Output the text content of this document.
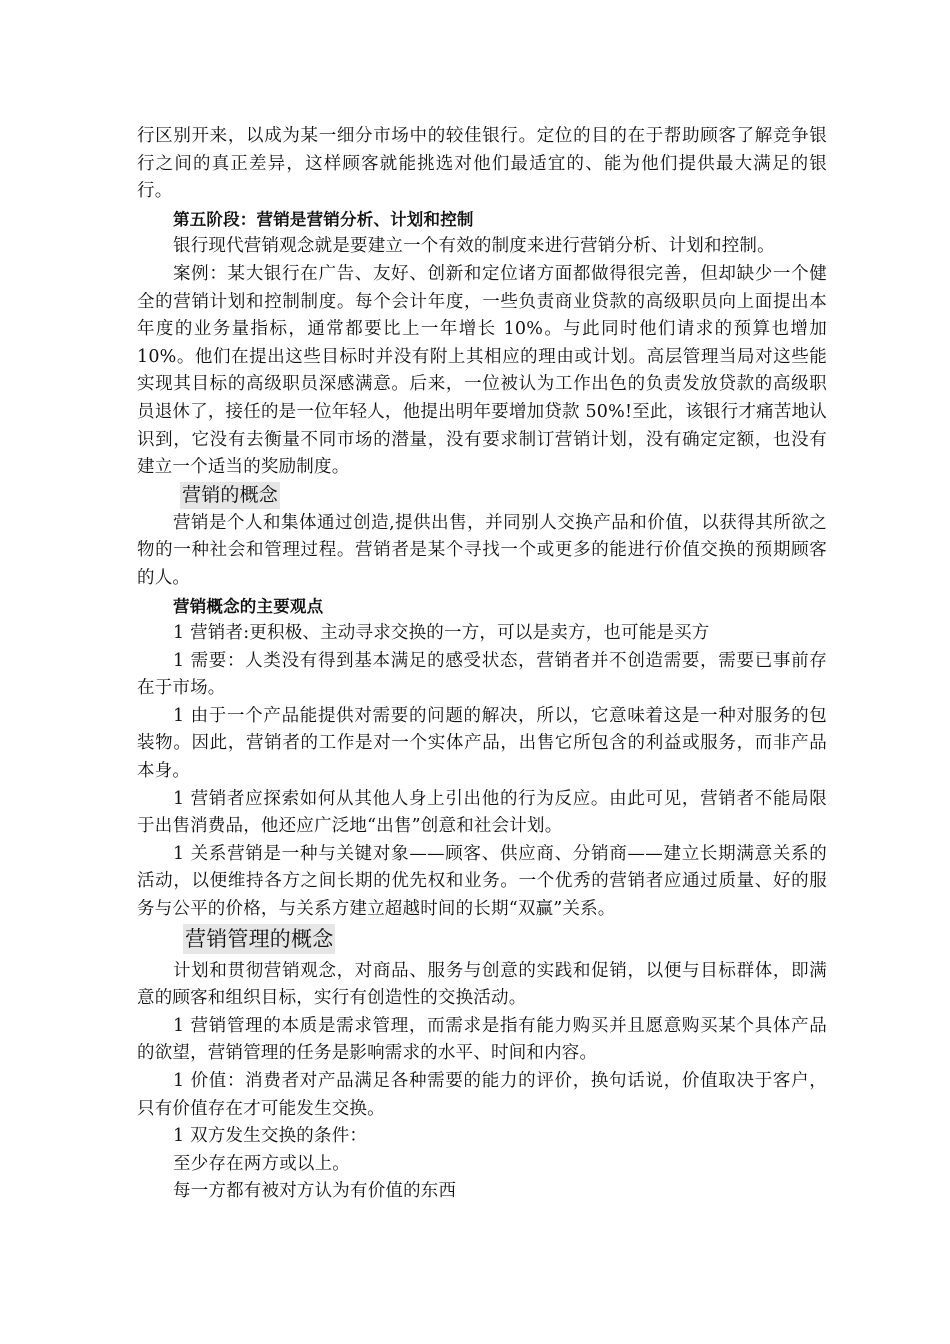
行区别开来，以成为某一细分市场中的较佳银行。定位的目的在于帮助顾客了解竞争银行之间的真正差异，这样顾客就能挑选对他们最适宜的、能为他们提供最大满足的银行。

第五阶段：营销是营销分析、计划和控制

银行现代营销观念就是要建立一个有效的制度来进行营销分析、计划和控制。

案例：某大银行在广告、友好、创新和定位诸方面都做得很完善，但却缺少一个健全的营销计划和控制制度。每个会计年度，一些负责商业贷款的高级职员向上面提出本年度的业务量指标，通常都要比上一年增长 10%。与此同时他们请求的预算也增加 10%。他们在提出这些目标时并没有附上其相应的理由或计划。高层管理当局对这些能实现其目标的高级职员深感满意。后来，一位被认为工作出色的负责发放贷款的高级职员退休了，接任的是一位年轻人，他提出明年要增加贷款 50%!至此，该银行才痛苦地认识到，它没有去衡量不同市场的潜量，没有要求制订营销计划，没有确定定额，也没有建立一个适当的奖励制度。

营销的概念

营销是个人和集体通过创造,提供出售，并同别人交换产品和价值，以获得其所欲之物的一种社会和管理过程。营销者是某个寻找一个或更多的能进行价值交换的预期顾客的人。

营销概念的主要观点

1 营销者:更积极、主动寻求交换的一方，可以是卖方，也可能是买方

1 需要：人类没有得到基本满足的感受状态，营销者并不创造需要，需要已事前存在于市场。

1 由于一个产品能提供对需要的问题的解决，所以，它意味着这是一种对服务的包装物。因此，营销者的工作是对一个实体产品，出售它所包含的利益或服务，而非产品本身。

1 营销者应探索如何从其他人身上引出他的行为反应。由此可见，营销者不能局限于出售消费品，他还应广泛地“出售”创意和社会计划。

1 关系营销是一种与关键对象——顾客、供应商、分销商——建立长期满意关系的活动，以便维持各方之间长期的优先权和业务。一个优秀的营销者应通过质量、好的服务与公平的价格，与关系方建立超越时间的长期“双赢”关系。

营销管理的概念

计划和贯彻营销观念，对商品、服务与创意的实践和促销，以便与目标群体，即满意的顾客和组织目标，实行有创造性的交换活动。

1 营销管理的本质是需求管理，而需求是指有能力购买并且愿意购买某个具体产品的欲望，营销管理的任务是影响需求的水平、时间和内容。

1 价值：消费者对产品满足各种需要的能力的评价，换句话说，价值取决于客户，只有价值存在才可能发生交换。

1 双方发生交换的条件：

至少存在两方或以上。

每一方都有被对方认为有价值的东西
